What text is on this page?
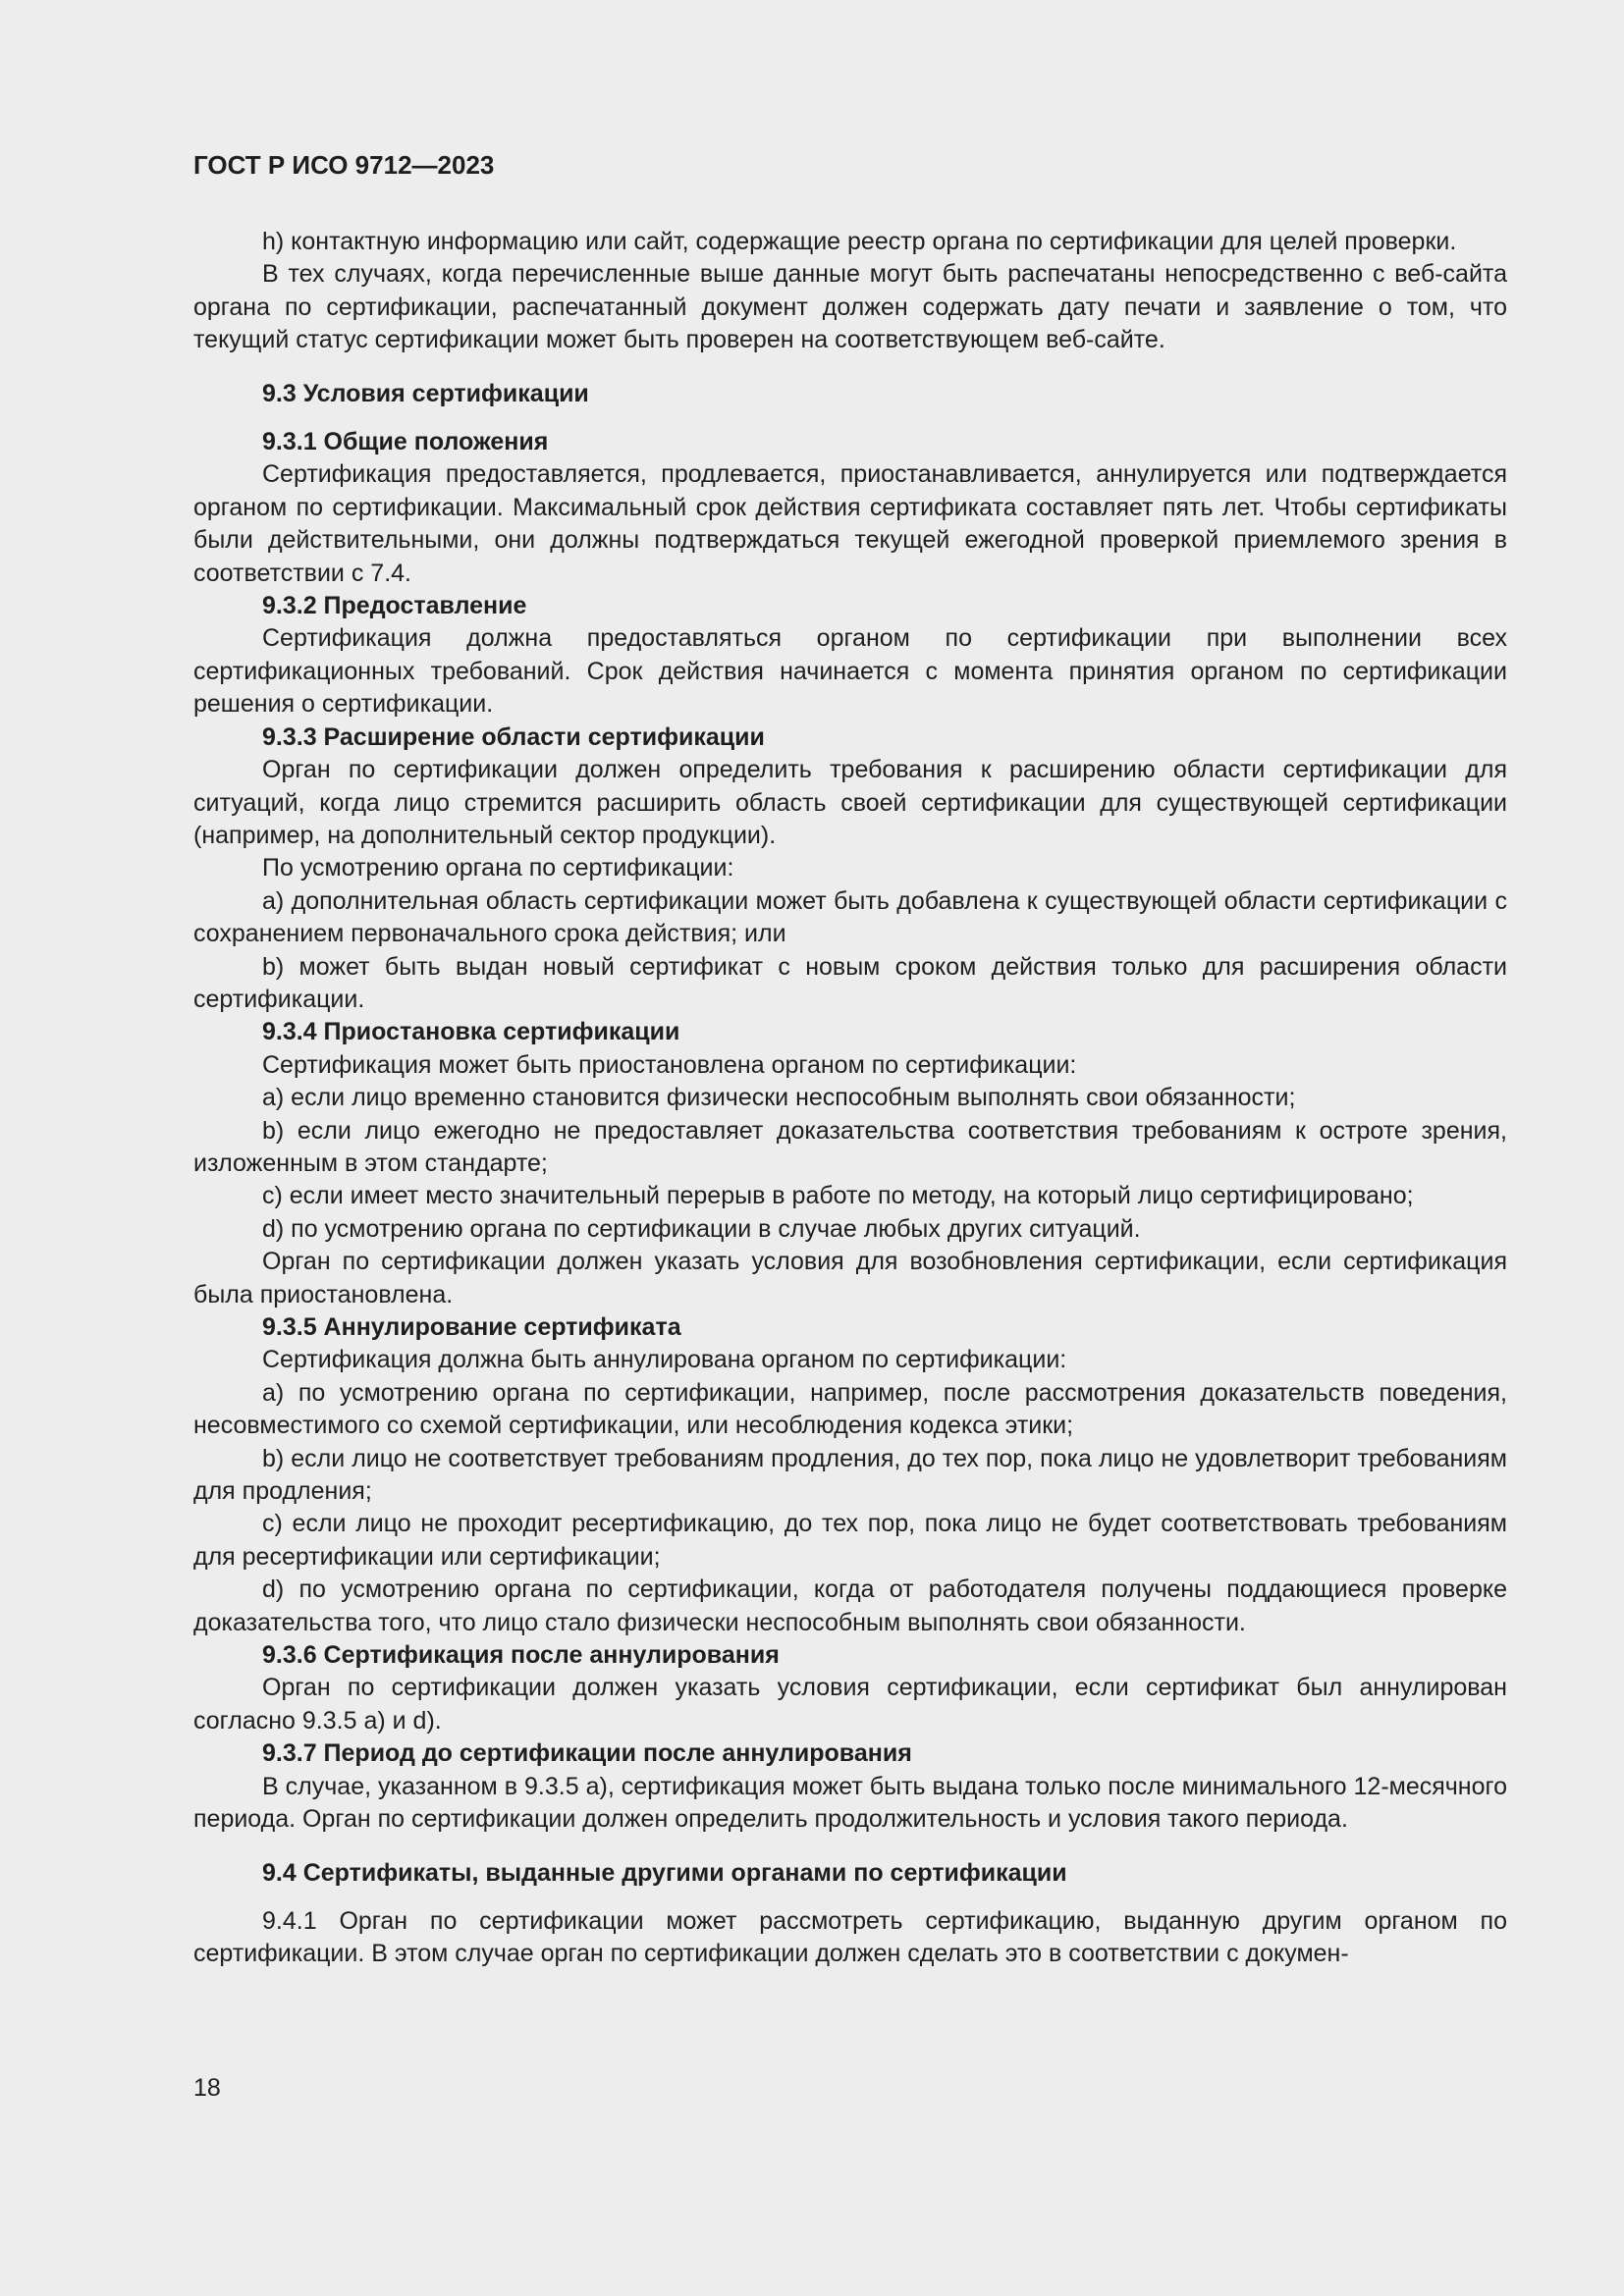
ГОСТ Р ИСО 9712—2023

h) контактную информацию или сайт, содержащие реестр органа по сертификации для целей проверки.

В тех случаях, когда перечисленные выше данные могут быть распечатаны непосредственно с веб-сайта органа по сертификации, распечатанный документ должен содержать дату печати и заявление о том, что текущий статус сертификации может быть проверен на соответствующем веб-сайте.

9.3 Условия сертификации

9.3.1 Общие положения

Сертификация предоставляется, продлевается, приостанавливается, аннулируется или подтверждается органом по сертификации. Максимальный срок действия сертификата составляет пять лет. Чтобы сертификаты были действительными, они должны подтверждаться текущей ежегодной проверкой приемлемого зрения в соответствии с 7.4.

9.3.2 Предоставление

Сертификация должна предоставляться органом по сертификации при выполнении всех сертификационных требований. Срок действия начинается с момента принятия органом по сертификации решения о сертификации.

9.3.3 Расширение области сертификации

Орган по сертификации должен определить требования к расширению области сертификации для ситуаций, когда лицо стремится расширить область своей сертификации для существующей сертификации (например, на дополнительный сектор продукции).

По усмотрению органа по сертификации:

a) дополнительная область сертификации может быть добавлена к существующей области сертификации с сохранением первоначального срока действия; или

b) может быть выдан новый сертификат с новым сроком действия только для расширения области сертификации.

9.3.4 Приостановка сертификации

Сертификация может быть приостановлена органом по сертификации:

a) если лицо временно становится физически неспособным выполнять свои обязанности;

b) если лицо ежегодно не предоставляет доказательства соответствия требованиям к остроте зрения, изложенным в этом стандарте;

c) если имеет место значительный перерыв в работе по методу, на который лицо сертифицировано;

d) по усмотрению органа по сертификации в случае любых других ситуаций.

Орган по сертификации должен указать условия для возобновления сертификации, если сертификация была приостановлена.

9.3.5 Аннулирование сертификата

Сертификация должна быть аннулирована органом по сертификации:

a) по усмотрению органа по сертификации, например, после рассмотрения доказательств поведения, несовместимого со схемой сертификации, или несоблюдения кодекса этики;

b) если лицо не соответствует требованиям продления, до тех пор, пока лицо не удовлетворит требованиям для продления;

c) если лицо не проходит ресертификацию, до тех пор, пока лицо не будет соответствовать требованиям для ресертификации или сертификации;

d) по усмотрению органа по сертификации, когда от работодателя получены поддающиеся проверке доказательства того, что лицо стало физически неспособным выполнять свои обязанности.

9.3.6 Сертификация после аннулирования

Орган по сертификации должен указать условия сертификации, если сертификат был аннулирован согласно 9.3.5 a) и d).

9.3.7 Период до сертификации после аннулирования

В случае, указанном в 9.3.5 a), сертификация может быть выдана только после минимального 12-месячного периода. Орган по сертификации должен определить продолжительность и условия такого периода.

9.4 Сертификаты, выданные другими органами по сертификации

9.4.1 Орган по сертификации может рассмотреть сертификацию, выданную другим органом по сертификации. В этом случае орган по сертификации должен сделать это в соответствии с докумен-

18
